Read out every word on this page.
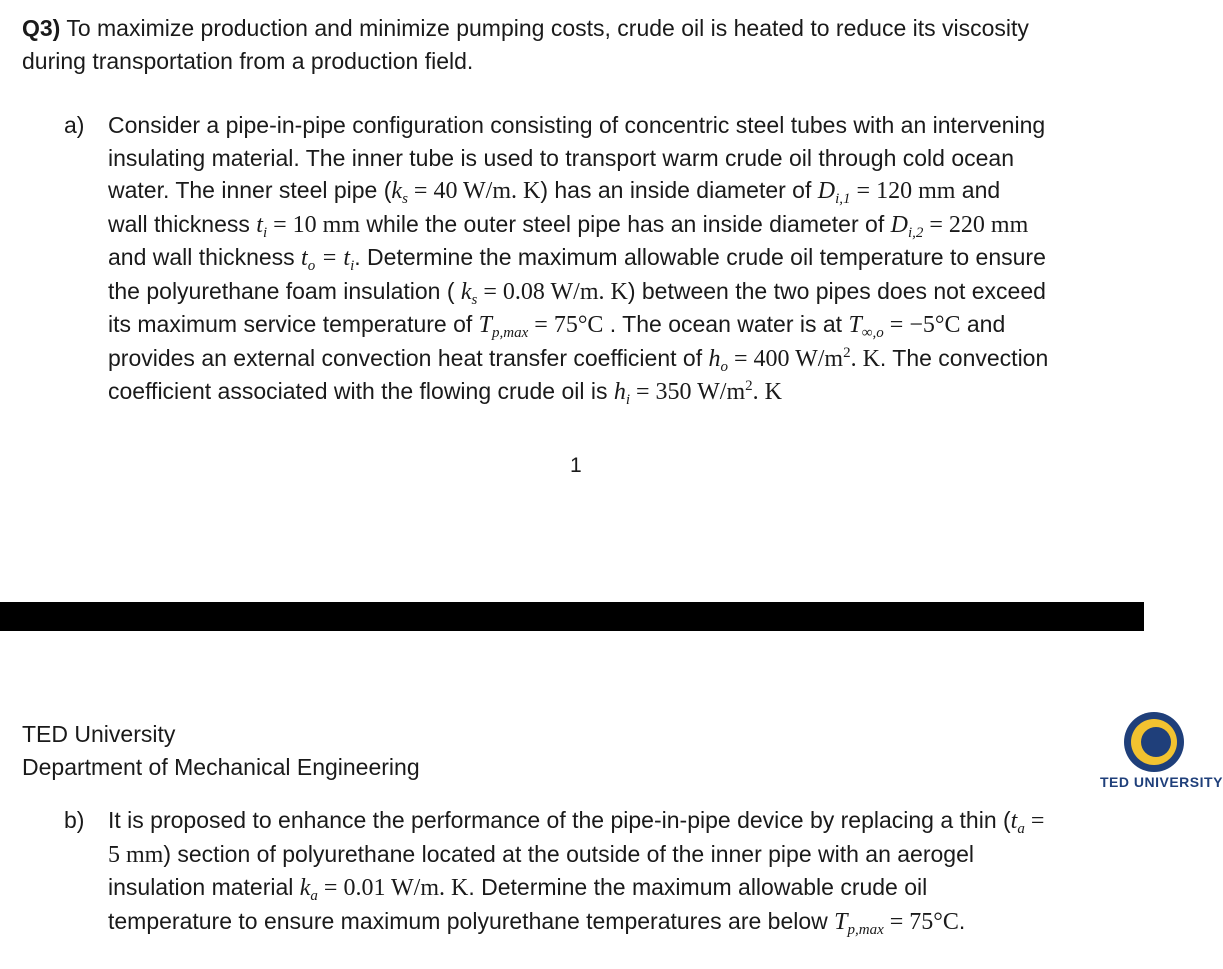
Q3) To maximize production and minimize pumping costs, crude oil is heated to reduce its viscosity
during transportation from a production field.
a) Consider a pipe-in-pipe configuration consisting of concentric steel tubes with an intervening
insulating material. The inner tube is used to transport warm crude oil through cold ocean
water. The inner steel pipe ($k_s = 40$ W/m. K) has an inside diameter of $D_{i,1} = 120$ mm and
wall thickness $t_i = 10$ mm while the outer steel pipe has an inside diameter of $D_{i,2} = 220$ mm
and wall thickness $t_o = t_i$. Determine the maximum allowable crude oil temperature to ensure
the polyurethane foam insulation ( $k_s = 0.08$ W/m. K) between the two pipes does not exceed
its maximum service temperature of $T_{p,max} = 75^\circ C$ . The ocean water is at $T_{\infty,o} = -5^\circ C$ and
provides an external convection heat transfer coefficient of $h_o = 400$ $W/m^2$. K. The convection
coefficient associated with the flowing crude oil is $h_i = 350$ $W/m^2$. K
1
TED University
Department of Mechanical Engineering
TED UNIVERSITY
b) It is proposed to enhance the performance of the pipe-in-pipe device by replacing a thin ($t_a$ =
5 mm) section of polyurethane located at the outside of the inner pipe with an aerogel
insulation material $k_a = 0.01$ W/m. K. Determine the maximum allowable crude oil
temperature to ensure maximum polyurethane temperatures are below $T_{p,max} = 75^\circ C$.
